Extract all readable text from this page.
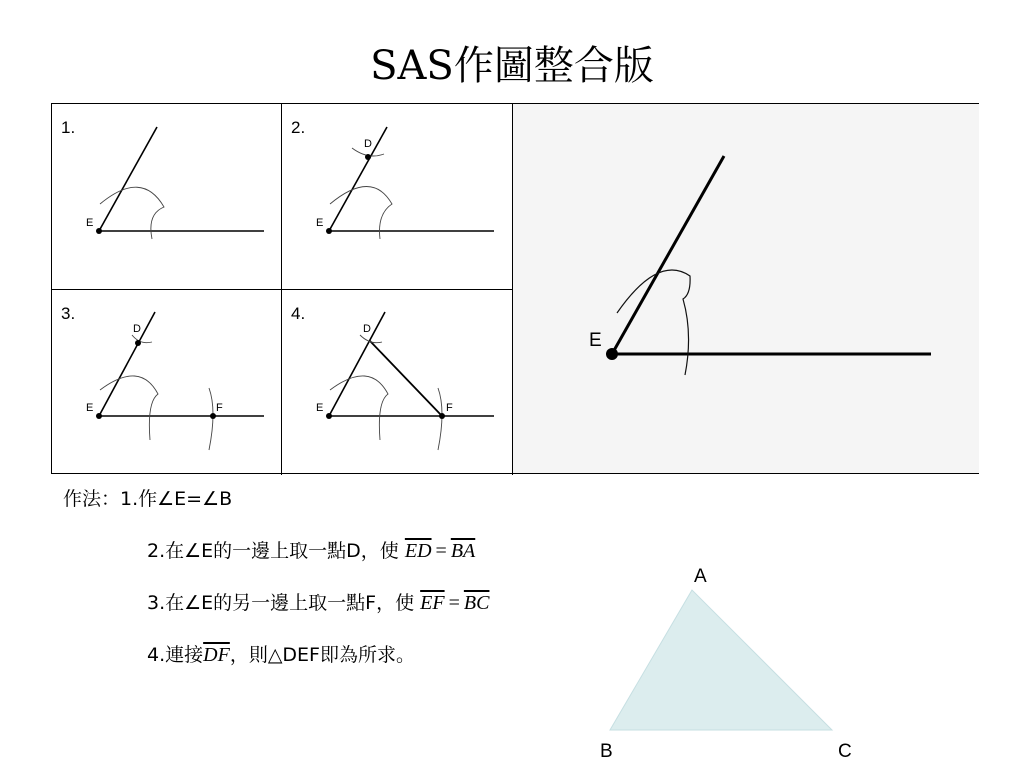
SAS作圖整合版
1.
E
2.
E
D
3.
E
D
F
4.
E
D
F
E
作法：1.作∠E=∠B
2.在∠E的一邊上取一點D，使 $\overline{ED} = \overline{BA}$
3.在∠E的另一邊上取一點F，使 $\overline{EF} = \overline{BC}$
4.連接$\overline{DF}$，則△DEF即為所求。
A
B	C
